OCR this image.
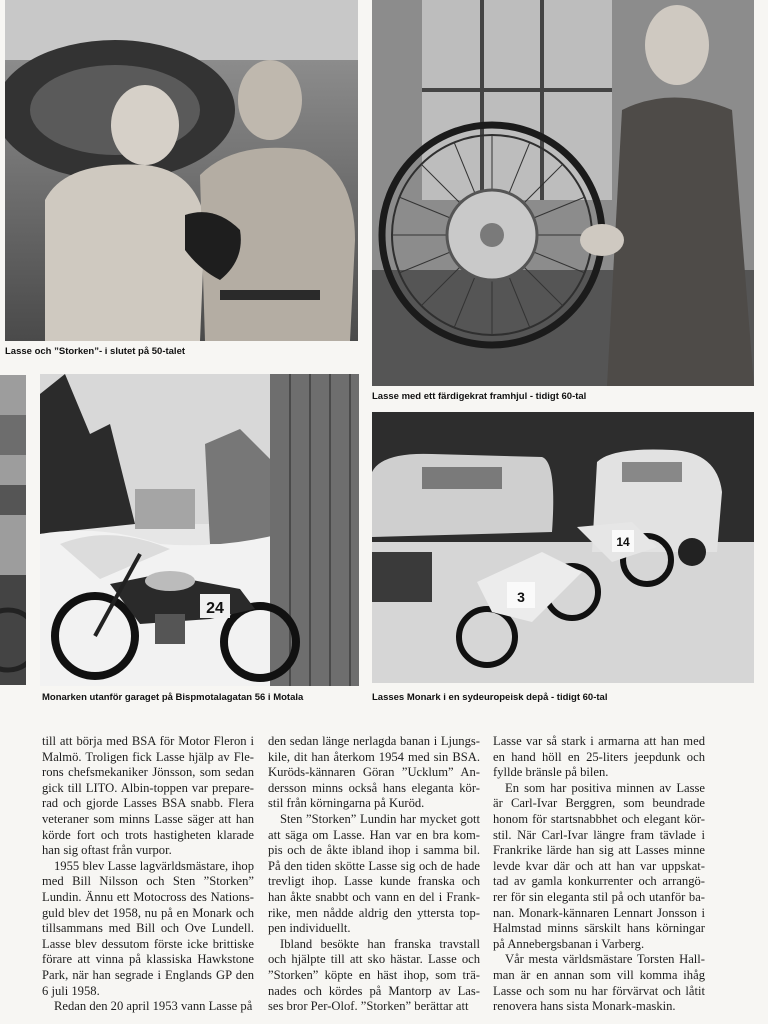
Lasse och ”Storken”- i slutet på 50-talet
Lasse med ett färdigekrat framhjul - tidigt 60-tal
24
Monarken utanför garaget på Bispmotalagatan 56 i Motala
3
14
Lasses Monark i en sydeuropeisk depå - tidigt 60-tal

till att börja med BSA för Motor Fleron i
Malmö. Troligen fick Lasse hjälp av Fle-
rons chefsmekaniker Jönsson, som sedan
gick till LITO. Albin-toppen var prepare-
rad och gjorde Lasses BSA snabb. Flera
veteraner som minns Lasse säger att han
körde fort och trots hastigheten klarade
han sig oftast från vurpor.

1955 blev Lasse lagvärldsmästare, ihop
med Bill Nilsson och Sten ”Storken”
Lundin. Ännu ett Motocross des Nations-
guld blev det 1958, nu på en Monark och
tillsammans med Bill och Ove Lundell.
Lasse blev dessutom förste icke brittiske
förare att vinna på klassiska Hawkstone
Park, när han segrade i Englands GP den
6 juli 1958.

Redan den 20 april 1953 vann Lasse på

den sedan länge nerlagda banan i Ljungs-
kile, dit han återkom 1954 med sin BSA.
Kuröds-kännaren Göran ”Ucklum” An-
dersson minns också hans eleganta kör-
stil från körningarna på Kuröd.

Sten ”Storken” Lundin har mycket gott
att säga om Lasse. Han var en bra kom-
pis och de åkte ibland ihop i samma bil.
På den tiden skötte Lasse sig och de hade
trevligt ihop. Lasse kunde franska och
han åkte snabbt och vann en del i Frank-
rike, men nådde aldrig den yttersta top-
pen individuellt.

Ibland besökte han franska travstall
och hjälpte till att sko hästar. Lasse och
”Storken” köpte en häst ihop, som trä-
nades och kördes på Mantorp av Las-
ses bror Per-Olof. ”Storken” berättar att

Lasse var så stark i armarna att han med
en hand höll en 25-liters jeepdunk och
fyllde bränsle på bilen.

En som har positiva minnen av Lasse
är Carl-Ivar Berggren, som beundrade
honom för startsnabbhet och elegant kör-
stil. När Carl-Ivar längre fram tävlade i
Frankrike lärde han sig att Lasses minne
levde kvar där och att han var uppskat-
tad av gamla konkurrenter och arrangö-
rer för sin eleganta stil på och utanför ba-
nan. Monark-kännaren Lennart Jonsson i
Halmstad minns särskilt hans körningar
på Annebergsbanan i Varberg.

Vår mesta världsmästare Torsten Hall-
man är en annan som vill komma ihåg
Lasse och som nu har förvärvat och låtit
renovera hans sista Monark-maskin.
